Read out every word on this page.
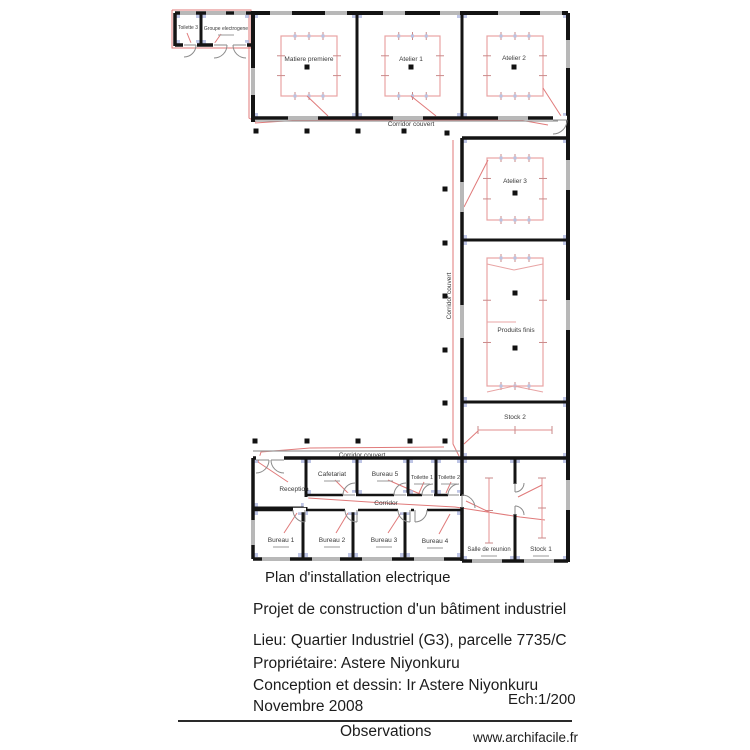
Toilette 3 Groupe electrogene
Matiere premiere	Atelier 1	Atelier 2
Atelier 3
Produits finis
Stock 2
Reception
Cafetariat	Bureau 5 Toilette 1 Toilette 2
Bureau 1	Bureau 2	Bureau 3	Bureau 4
Salle de reunion	Stock 1
Corridor couvert
Corridor couvert
Corridor couvert
Corridor
Plan d'installation electrique
Projet de construction d'un bâtiment industriel
Lieu: Quartier Industriel (G3), parcelle 7735/C
Propriétaire: Astere Niyonkuru
Conception et dessin: Ir Astere Niyonkuru
Novembre 2008	Ech:1/200
Observations	www.archifacile.fr
